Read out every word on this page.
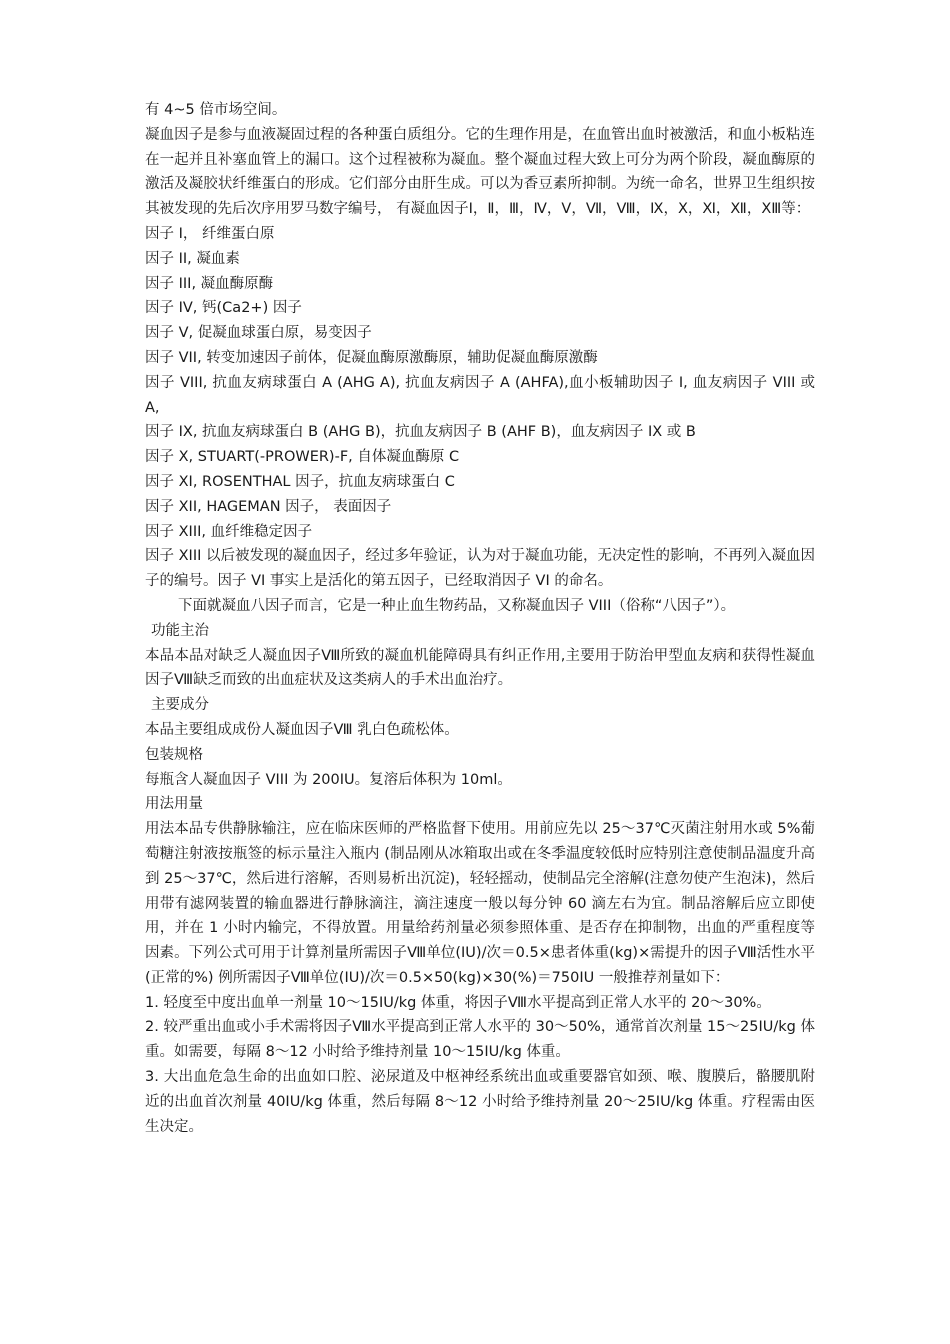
有 4~5 倍市场空间。

凝血因子是参与血液凝固过程的各种蛋白质组分。它的生理作用是，在血管出血时被激活，和血小板粘连在一起并且补塞血管上的漏口。这个过程被称为凝血。整个凝血过程大致上可分为两个阶段，凝血酶原的激活及凝胶状纤维蛋白的形成。它们部分由肝生成。可以为香豆素所抑制。为统一命名，世界卫生组织按其被发现的先后次序用罗马数字编号， 有凝血因子Ⅰ，Ⅱ，Ⅲ，Ⅳ，Ⅴ，Ⅶ，Ⅷ，Ⅸ，Ⅹ，Ⅺ，Ⅻ，XⅢ等：

因子 I， 纤维蛋白原

因子 II, 凝血素

因子 III, 凝血酶原酶

因子 IV, 钙(Ca2+) 因子

因子 V, 促凝血球蛋白原，易变因子

因子 VII, 转变加速因子前体，促凝血酶原激酶原，辅助促凝血酶原激酶

因子 VIII, 抗血友病球蛋白 A (AHG A), 抗血友病因子 A (AHFA),血小板辅助因子 I, 血友病因子 VIII 或 A,

因子 IX, 抗血友病球蛋白 B (AHG B)，抗血友病因子 B (AHF B)，血友病因子 IX 或 B

因子 X, STUART(-PROWER)-F, 自体凝血酶原 C

因子 XI, ROSENTHAL 因子，抗血友病球蛋白 C

因子 XII, HAGEMAN 因子， 表面因子

因子 XIII, 血纤维稳定因子

因子 XIII 以后被发现的凝血因子，经过多年验证，认为对于凝血功能，无决定性的影响，不再列入凝血因子的编号。因子 VI 事实上是活化的第五因子，已经取消因子 VI 的命名。

下面就凝血八因子而言，它是一种止血生物药品，又称凝血因子 VIII（俗称“八因子”）。

功能主治

本品本品对缺乏人凝血因子Ⅷ所致的凝血机能障碍具有纠正作用,主要用于防治甲型血友病和获得性凝血因子Ⅷ缺乏而致的出血症状及这类病人的手术出血治疗。

主要成分

本品主要组成成份人凝血因子Ⅷ 乳白色疏松体。

包装规格

每瓶含人凝血因子 VIII 为 200IU。复溶后体积为 10ml。

用法用量

用法本品专供静脉输注，应在临床医师的严格监督下使用。用前应先以 25～37℃灭菌注射用水或 5%葡萄糖注射液按瓶签的标示量注入瓶内 (制品刚从冰箱取出或在冬季温度较低时应特别注意使制品温度升高到 25～37℃，然后进行溶解，否则易析出沉淀)，轻轻摇动，使制品完全溶解(注意勿使产生泡沫)，然后用带有滤网装置的输血器进行静脉滴注，滴注速度一般以每分钟 60 滴左右为宜。制品溶解后应立即使用，并在 1 小时内输完，不得放置。用量给药剂量必须参照体重、是否存在抑制物，出血的严重程度等因素。下列公式可用于计算剂量所需因子Ⅷ单位(IU)/次＝0.5×患者体重(kg)×需提升的因子Ⅷ活性水平(正常的%) 例所需因子Ⅷ单位(IU)/次＝0.5×50(kg)×30(%)＝750IU 一般推荐剂量如下：

1. 轻度至中度出血单一剂量 10～15IU/kg 体重，将因子Ⅷ水平提高到正常人水平的 20～30%。

2. 较严重出血或小手术需将因子Ⅷ水平提高到正常人水平的 30～50%，通常首次剂量 15～25IU/kg 体重。如需要，每隔 8～12 小时给予维持剂量 10～15IU/kg 体重。

3. 大出血危急生命的出血如口腔、泌尿道及中枢神经系统出血或重要器官如颈、喉、腹膜后，骼腰肌附近的出血首次剂量 40IU/kg 体重，然后每隔 8～12 小时给予维持剂量 20～25IU/kg 体重。疗程需由医生决定。
